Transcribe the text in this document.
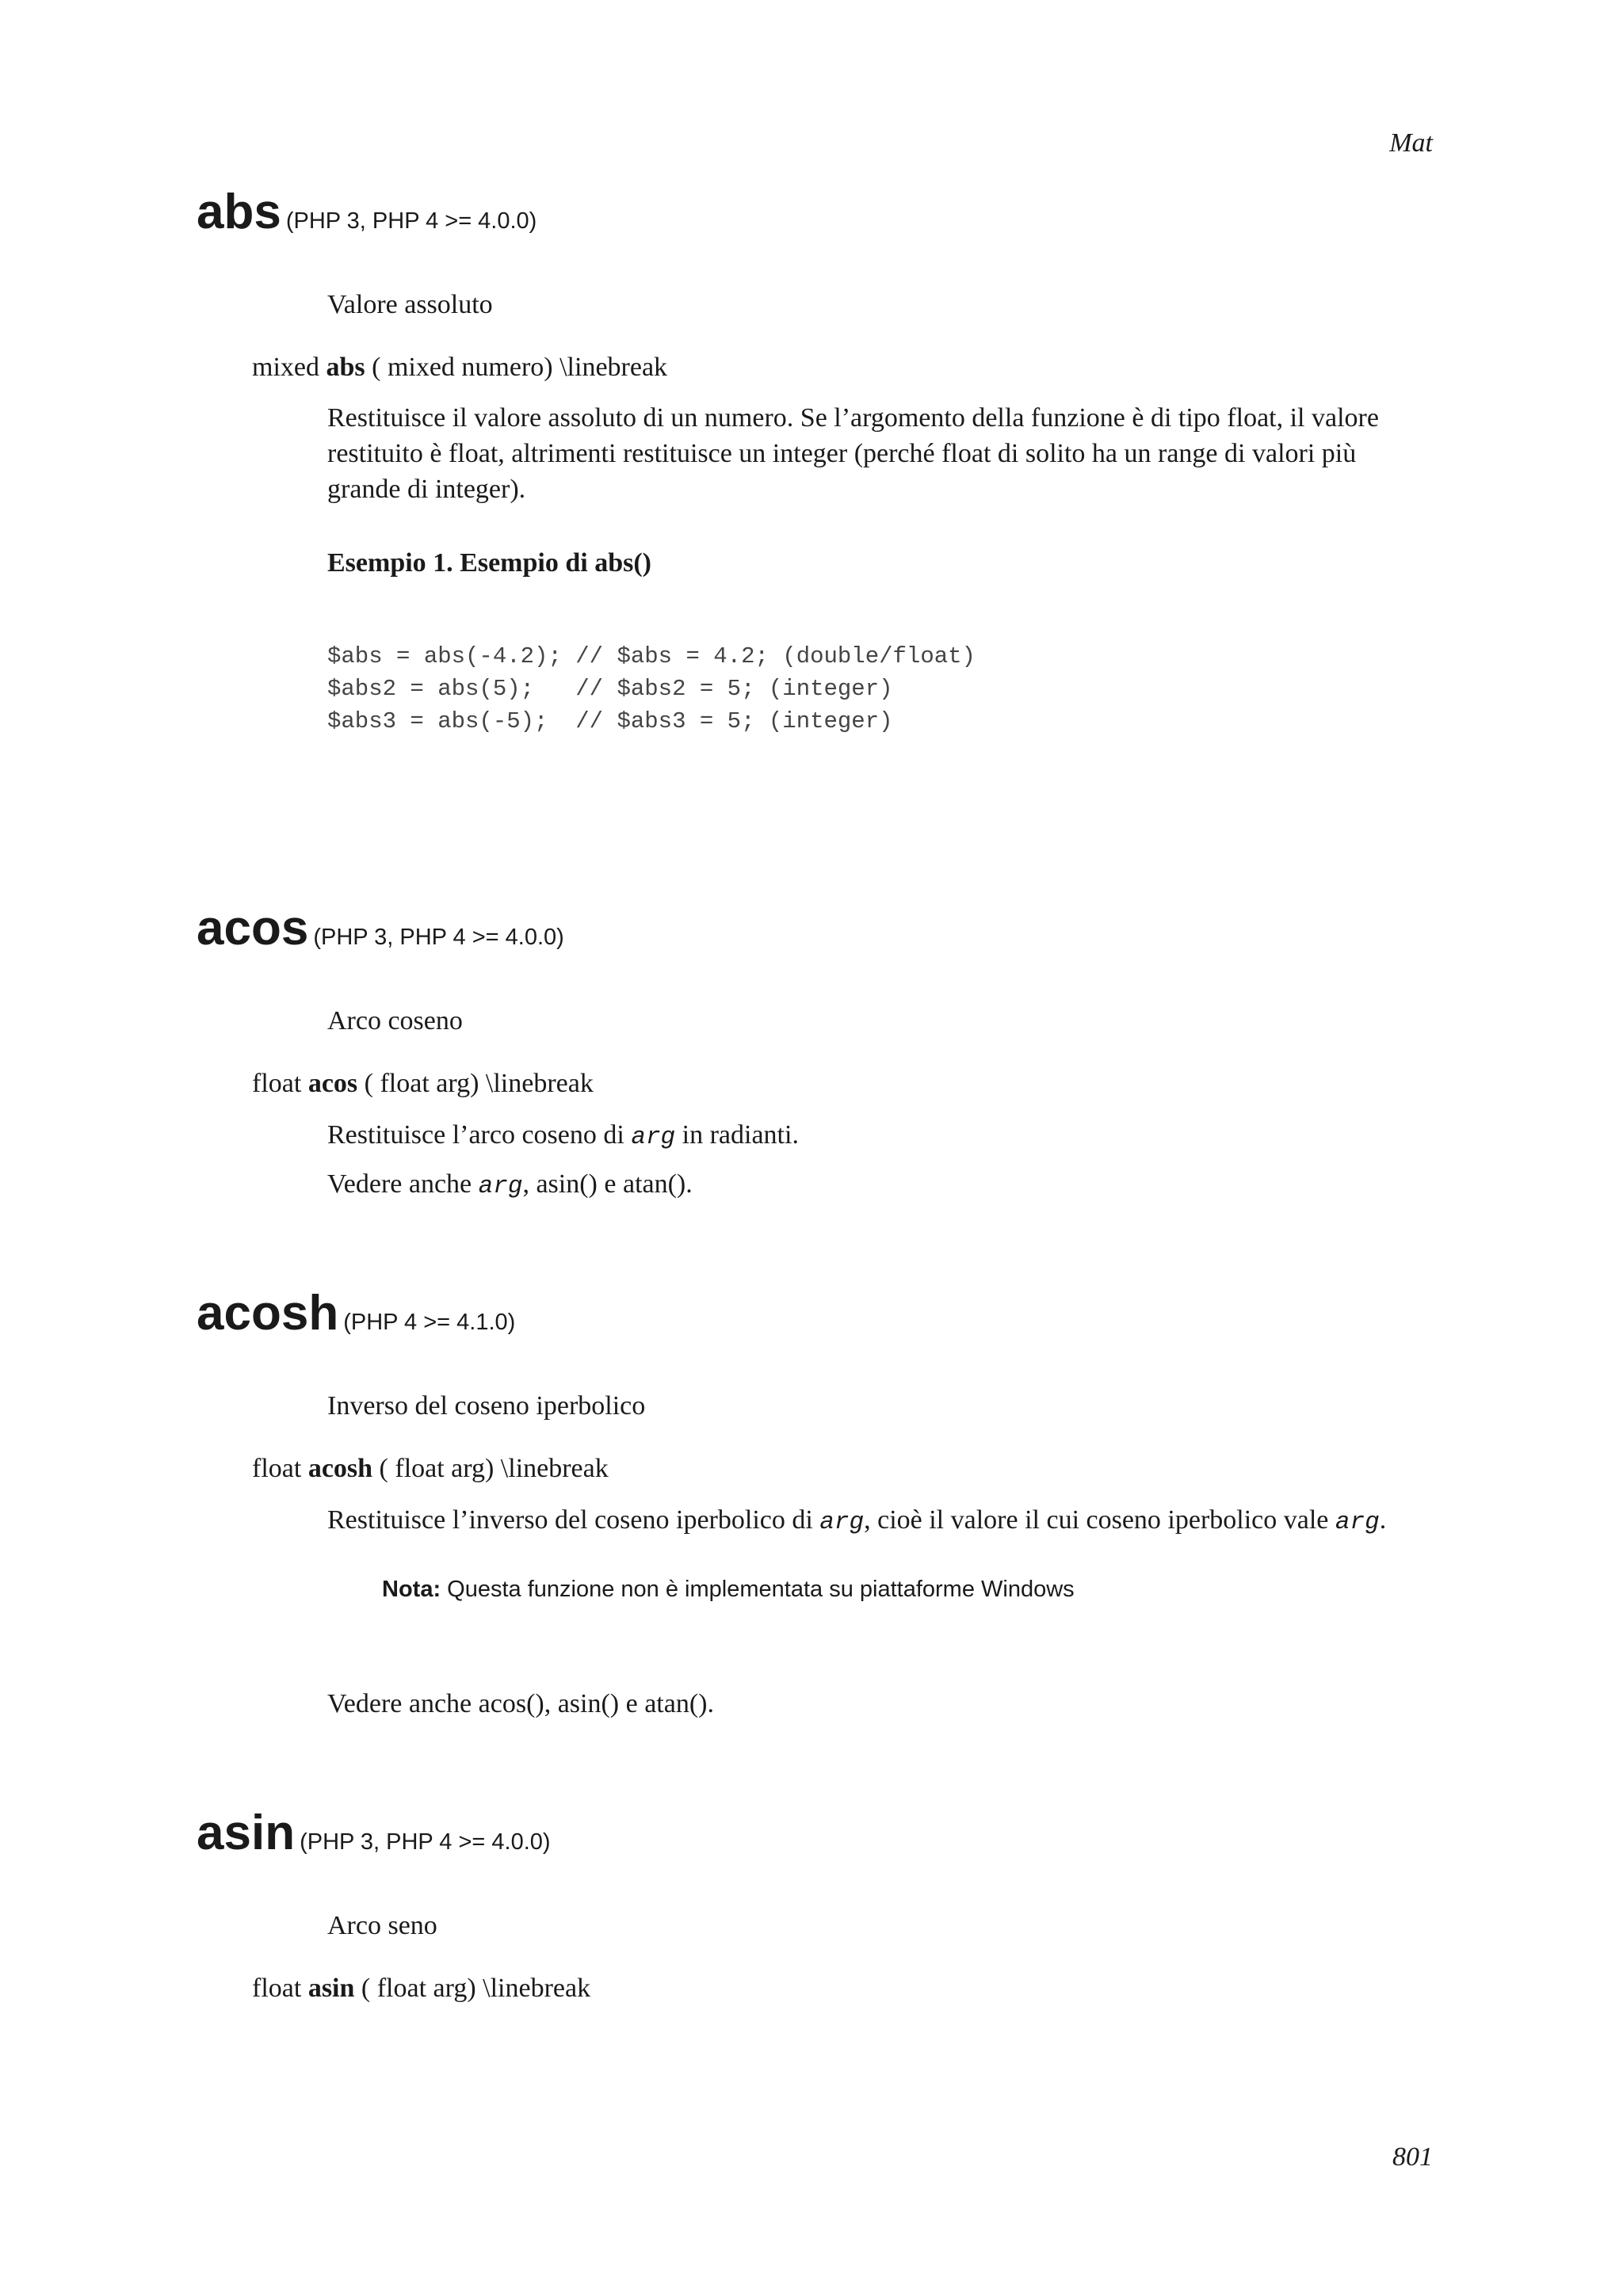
Mat
abs (PHP 3, PHP 4 >= 4.0.0)
Valore assoluto
mixed abs ( mixed numero) \linebreak
Restituisce il valore assoluto di un numero. Se l’argomento della funzione è di tipo float, il valore restituito è float, altrimenti restituisce un integer (perché float di solito ha un range di valori più grande di integer).
Esempio 1. Esempio di abs()
$abs = abs(-4.2); // $abs = 4.2; (double/float)
$abs2 = abs(5);   // $abs2 = 5; (integer)
$abs3 = abs(-5);  // $abs3 = 5; (integer)
acos (PHP 3, PHP 4 >= 4.0.0)
Arco coseno
float acos ( float arg) \linebreak
Restituisce l’arco coseno di arg in radianti.
Vedere anche arg, asin() e atan().
acosh (PHP 4 >= 4.1.0)
Inverso del coseno iperbolico
float acosh ( float arg) \linebreak
Restituisce l’inverso del coseno iperbolico di arg, cioè il valore il cui coseno iperbolico vale arg.
Nota: Questa funzione non è implementata su piattaforme Windows
Vedere anche acos(), asin() e atan().
asin (PHP 3, PHP 4 >= 4.0.0)
Arco seno
float asin ( float arg) \linebreak
801
